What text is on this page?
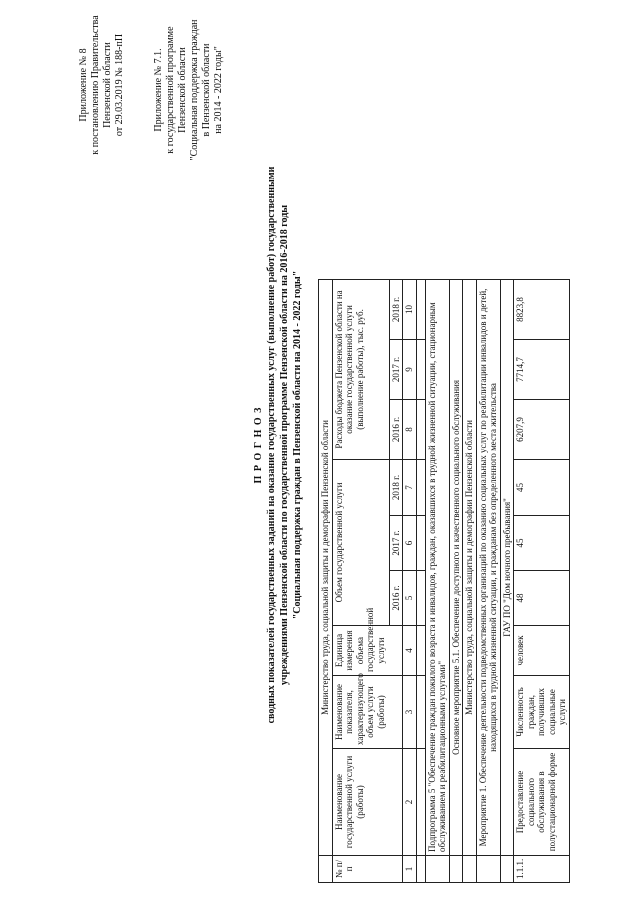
Приложение № 8 к постановлению Правительства Пензенской области от 29.03.2019 № 188-пП	Приложение № 7.1. к государственной программе Пензенской области "Социальная поддержка граждан в Пензенской области на 2014 - 2022 годы"
П Р О Г Н О З сводных показателей государственных заданий на оказание государственных услуг (выполнение работ) государственными учреждениями Пензенской области по государственной программе Пензенской области на 2016-2018 годы "Социальная поддержка граждан в Пензенской области на 2014 - 2022 годы"
	Министерство труда, социальной защиты и демографии Пензенской области									
№ п/п	Наименование государственной услуги (работы)	Наименование показателя, характеризующего объем услуги (работы)	Единица измерения объема государственной услуги	Объем государственной услуги			Расходы бюджета Пензенской области на оказание государственной услуги (выполнение работы), тыс. руб.			
				2016 г.	2017 г.	2018 г.	2016 г.	2017 г.	2018 г.	
1	2	3	4	5	6	7	8	9	10	

	Подпрограмма 5 "Обеспечение граждан пожилого возраста и инвалидов, граждан, оказавшихся в трудной жизненной ситуации, стационарным обслуживанием и реабилитационными услугами"									
	Основное мероприятие 5.1. Обеспечение доступного и качественного социального обслуживания									
	Министерство труда, социальной защиты и демографии Пензенской области									
	Мероприятие 1. Обеспечение деятельности подведомственных организаций по оказанию социальных услуг по реабилитации инвалидов и детей, находящихся в трудной жизненной ситуации, и гражданам без определенного места жительства									
	ГАУ ПО "Дом ночного пребывания"									
1.1.1.	Предоставление социального обслуживания в полустационарной форме	Численность граждан, получивших социальные услуги	человек	48	45	45	6207,9	7714,7	8823,8	
